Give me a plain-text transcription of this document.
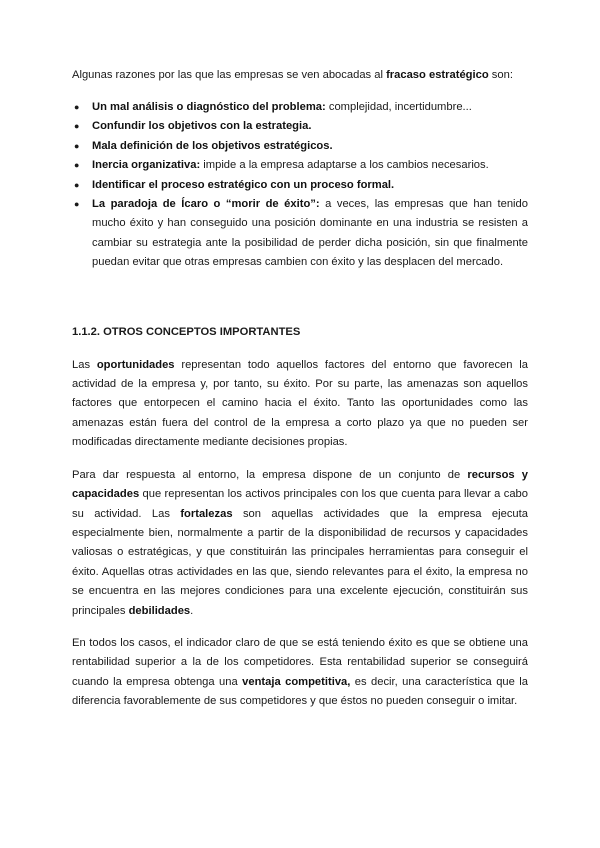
Algunas razones por las que las empresas se ven abocadas al fracaso estratégico son:

● Un mal análisis o diagnóstico del problema: complejidad, incertidumbre...
● Confundir los objetivos con la estrategia.
● Mala definición de los objetivos estratégicos.
● Inercia organizativa: impide a la empresa adaptarse a los cambios necesarios.
● Identificar el proceso estratégico con un proceso formal.
● La paradoja de Ícaro o “morir de éxito”: a veces, las empresas que han tenido mucho éxito y han conseguido una posición dominante en una industria se resisten a cambiar su estrategia ante la posibilidad de perder dicha posición, sin que finalmente puedan evitar que otras empresas cambien con éxito y las desplacen del mercado.
1.1.2. OTROS CONCEPTOS IMPORTANTES

Las oportunidades representan todo aquellos factores del entorno que favorecen la actividad de la empresa y, por tanto, su éxito. Por su parte, las amenazas son aquellos factores que entorpecen el camino hacia el éxito. Tanto las oportunidades como las amenazas están fuera del control de la empresa a corto plazo ya que no pueden ser modificadas directamente mediante decisiones propias.

Para dar respuesta al entorno, la empresa dispone de un conjunto de recursos y capacidades que representan los activos principales con los que cuenta para llevar a cabo su actividad. Las fortalezas son aquellas actividades que la empresa ejecuta especialmente bien, normalmente a partir de la disponibilidad de recursos y capacidades valiosas o estratégicas, y que constituirán las principales herramientas para conseguir el éxito. Aquellas otras actividades en las que, siendo relevantes para el éxito, la empresa no se encuentra en las mejores condiciones para una excelente ejecución, constituirán sus principales debilidades.

En todos los casos, el indicador claro de que se está teniendo éxito es que se obtiene una rentabilidad superior a la de los competidores. Esta rentabilidad superior se conseguirá cuando la empresa obtenga una ventaja competitiva, es decir, una característica que la diferencia favorablemente de sus competidores y que éstos no pueden conseguir o imitar.
